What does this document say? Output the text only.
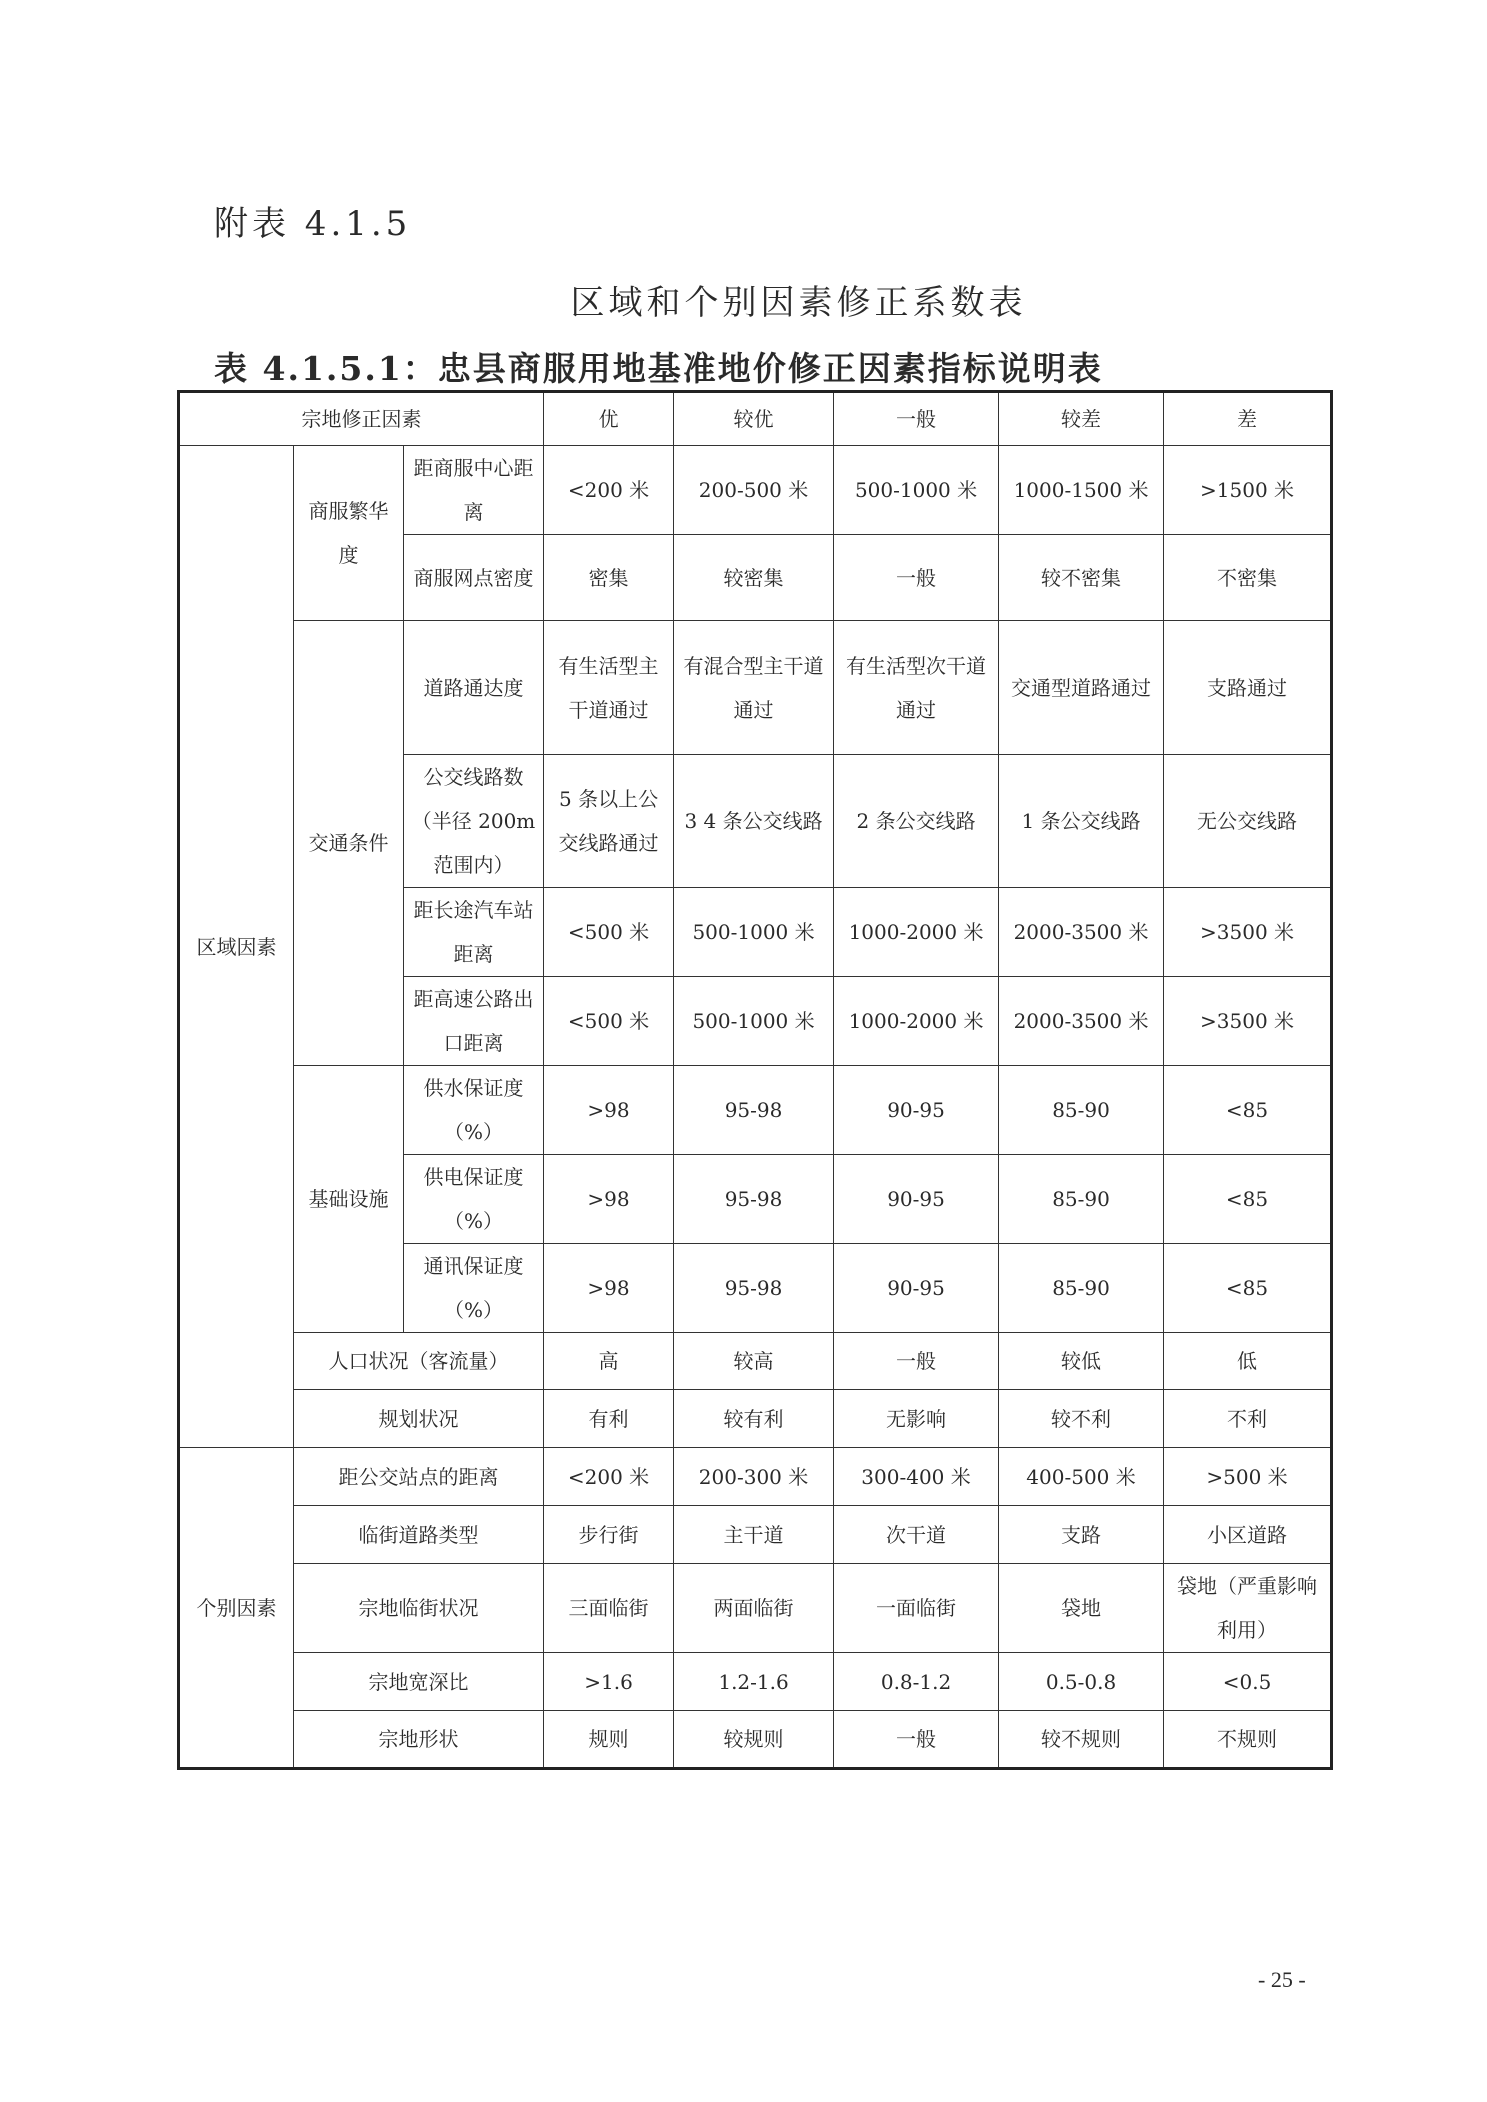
附表 4.1.5
区域和个别因素修正系数表
表 4.1.5.1：忠县商服用地基准地价修正因素指标说明表
宗地修正因素			优	较优	一般	较差	差
区域因素	商服繁华度	距商服中心距离	<200 米	200-500 米	500-1000 米	1000-1500 米	>1500 米
		商服网点密度	密集	较密集	一般	较不密集	不密集
	交通条件	道路通达度	有生活型主干道通过	有混合型主干道通过	有生活型次干道通过	交通型道路通过	支路通过
		公交线路数（半径 200m 范围内）	5 条以上公交线路通过	3 4 条公交线路	2 条公交线路	1 条公交线路	无公交线路
		距长途汽车站距离	<500 米	500-1000 米	1000-2000 米	2000-3500 米	>3500 米
		距高速公路出口距离	<500 米	500-1000 米	1000-2000 米	2000-3500 米	>3500 米
	基础设施	供水保证度（%）	>98	95-98	90-95	85-90	<85
		供电保证度（%）	>98	95-98	90-95	85-90	<85
		通讯保证度（%）	>98	95-98	90-95	85-90	<85
	人口状况（客流量）		高	较高	一般	较低	低
	规划状况		有利	较有利	无影响	较不利	不利
个别因素	距公交站点的距离		<200 米	200-300 米	300-400 米	400-500 米	>500 米
	临街道路类型		步行街	主干道	次干道	支路	小区道路
	宗地临街状况		三面临街	两面临街	一面临街	袋地	袋地（严重影响利用）
	宗地宽深比		>1.6	1.2-1.6	0.8-1.2	0.5-0.8	<0.5
	宗地形状		规则	较规则	一般	较不规则	不规则
- 25 -
